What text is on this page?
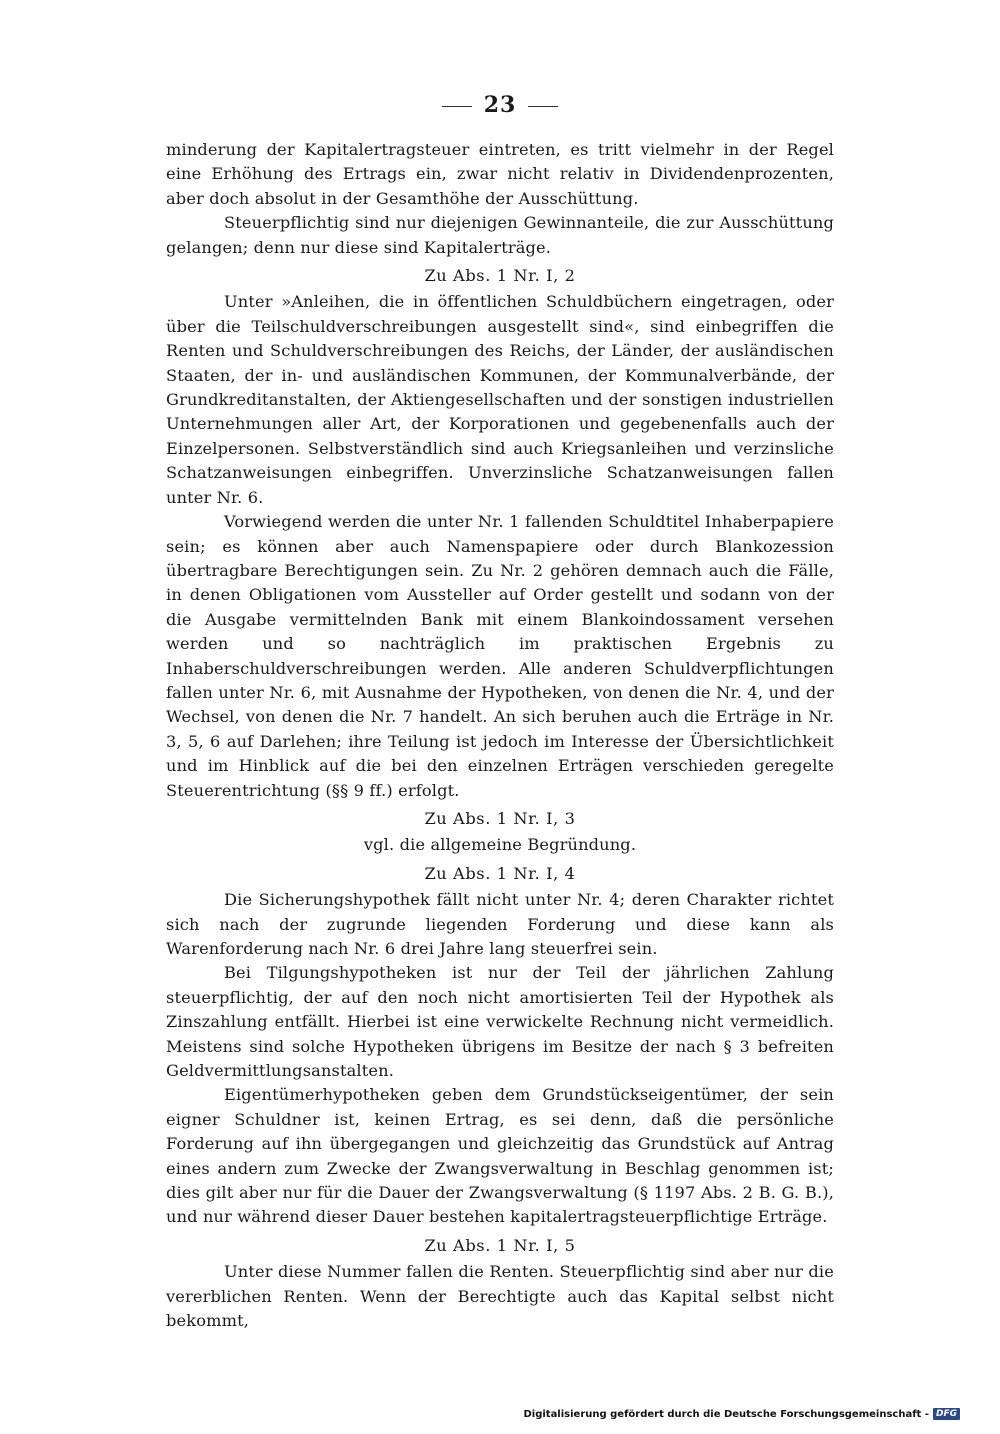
23

minderung der Kapitalertragsteuer eintreten, es tritt vielmehr in der Regel eine Erhöhung des Ertrags ein, zwar nicht relativ in Dividendenprozenten, aber doch absolut in der Gesamthöhe der Ausschüttung.

Steuerpflichtig sind nur diejenigen Gewinnanteile, die zur Ausschüttung gelangen; denn nur diese sind Kapitalerträge.

Zu Abs. 1 Nr. I, 2

Unter »Anleihen, die in öffentlichen Schuldbüchern eingetragen, oder über die Teilschuldverschreibungen ausgestellt sind«, sind einbegriffen die Renten und Schuldverschreibungen des Reichs, der Länder, der ausländischen Staaten, der in- und ausländischen Kommunen, der Kommunalverbände, der Grundkreditanstalten, der Aktiengesellschaften und der sonstigen industriellen Unternehmungen aller Art, der Korporationen und gegebenenfalls auch der Einzelpersonen. Selbstverständlich sind auch Kriegsanleihen und verzinsliche Schatzanweisungen einbegriffen. Unverzinsliche Schatzanweisungen fallen unter Nr. 6.

Vorwiegend werden die unter Nr. 1 fallenden Schuldtitel Inhaberpapiere sein; es können aber auch Namenspapiere oder durch Blankozession übertragbare Berechtigungen sein. Zu Nr. 2 gehören demnach auch die Fälle, in denen Obligationen vom Aussteller auf Order gestellt und sodann von der die Ausgabe vermittelnden Bank mit einem Blankoindossament versehen werden und so nachträglich im praktischen Ergebnis zu Inhaberschuldverschreibungen werden. Alle anderen Schuldverpflichtungen fallen unter Nr. 6, mit Ausnahme der Hypotheken, von denen die Nr. 4, und der Wechsel, von denen die Nr. 7 handelt. An sich beruhen auch die Erträge in Nr. 3, 5, 6 auf Darlehen; ihre Teilung ist jedoch im Interesse der Übersichtlichkeit und im Hinblick auf die bei den einzelnen Erträgen verschieden geregelte Steuerentrichtung (§§ 9 ff.) erfolgt.

Zu Abs. 1 Nr. I, 3

vgl. die allgemeine Begründung.

Zu Abs. 1 Nr. I, 4

Die Sicherungshypothek fällt nicht unter Nr. 4; deren Charakter richtet sich nach der zugrunde liegenden Forderung und diese kann als Warenforderung nach Nr. 6 drei Jahre lang steuerfrei sein.

Bei Tilgungshypotheken ist nur der Teil der jährlichen Zahlung steuerpflichtig, der auf den noch nicht amortisierten Teil der Hypothek als Zinszahlung entfällt. Hierbei ist eine verwickelte Rechnung nicht vermeidlich. Meistens sind solche Hypotheken übrigens im Besitze der nach § 3 befreiten Geldvermittlungsanstalten.

Eigentümerhypotheken geben dem Grundstückseigentümer, der sein eigner Schuldner ist, keinen Ertrag, es sei denn, daß die persönliche Forderung auf ihn übergegangen und gleichzeitig das Grundstück auf Antrag eines andern zum Zwecke der Zwangsverwaltung in Beschlag genommen ist; dies gilt aber nur für die Dauer der Zwangsverwaltung (§ 1197 Abs. 2 B. G. B.), und nur während dieser Dauer bestehen kapitalertragsteuerpflichtige Erträge.

Zu Abs. 1 Nr. I, 5

Unter diese Nummer fallen die Renten. Steuerpflichtig sind aber nur die vererblichen Renten. Wenn der Berechtigte auch das Kapital selbst nicht bekommt,

Digitalisierung gefördert durch die Deutsche Forschungsgemeinschaft - DFG
